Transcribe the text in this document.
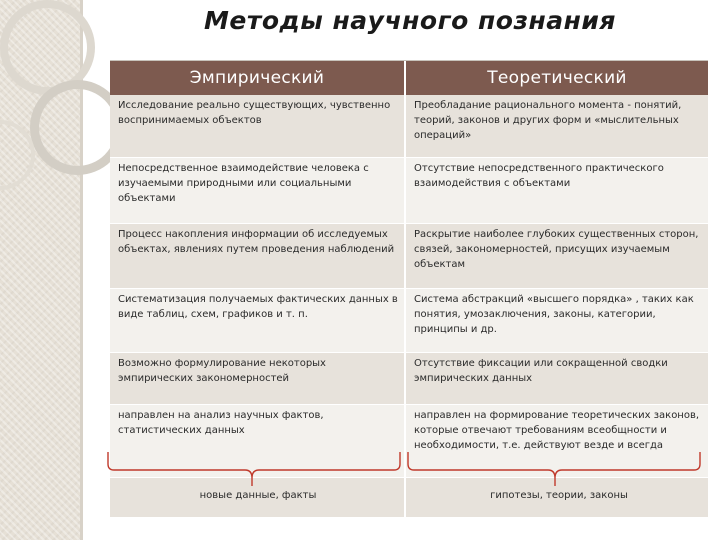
Методы научного познания
Эмпирический	Теоретический
Исследование реально существующих, чувственно воспринимаемых объектов
Преобладание рационального момента - понятий, теорий, законов и других форм и «мыслительных операций»
Непосредственное взаимодействие человека с изучаемыми природными или социальными объектами
Отсутствие непосредственного практического взаимодействия с объектами
Процесс накопления информации об исследуемых объектах, явлениях путем проведения наблюдений
Раскрытие наиболее глубоких существенных сторон, связей, закономерностей, присущих изучаемым объектам
Систематизация получаемых фактических данных в виде таблиц, схем, графиков и т. п.
Система абстракций «высшего порядка» , таких как понятия, умозаключения, законы, категории, принципы и др.
Возможно формулирование некоторых эмпирических закономерностей
Отсутствие фиксации или сокращенной сводки эмпирических данных
направлен на анализ научных фактов, статистических данных
направлен на формирование теоретических законов, которые отвечают требованиям всеобщности и необходимости, т.е. действуют везде и всегда
новые данные, факты	гипотезы, теории, законы
